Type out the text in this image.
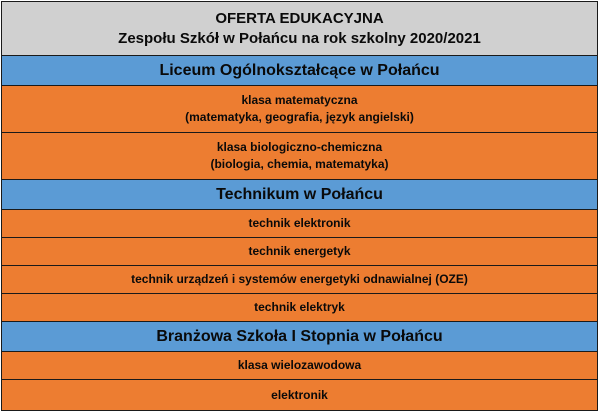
OFERTA EDUKACYJNA
Zespołu Szkół w Połańcu na rok szkolny 2020/2021
Liceum Ogólnokształcące w Połańcu
klasa matematyczna
(matematyka, geografia, język angielski)
klasa biologiczno-chemiczna
(biologia, chemia, matematyka)
Technikum w Połańcu
technik elektronik
technik energetyk
technik urządzeń i systemów energetyki odnawialnej (OZE)
technik elektryk
Branżowa Szkoła I Stopnia w Połańcu
klasa wielozawodowa
elektronik
